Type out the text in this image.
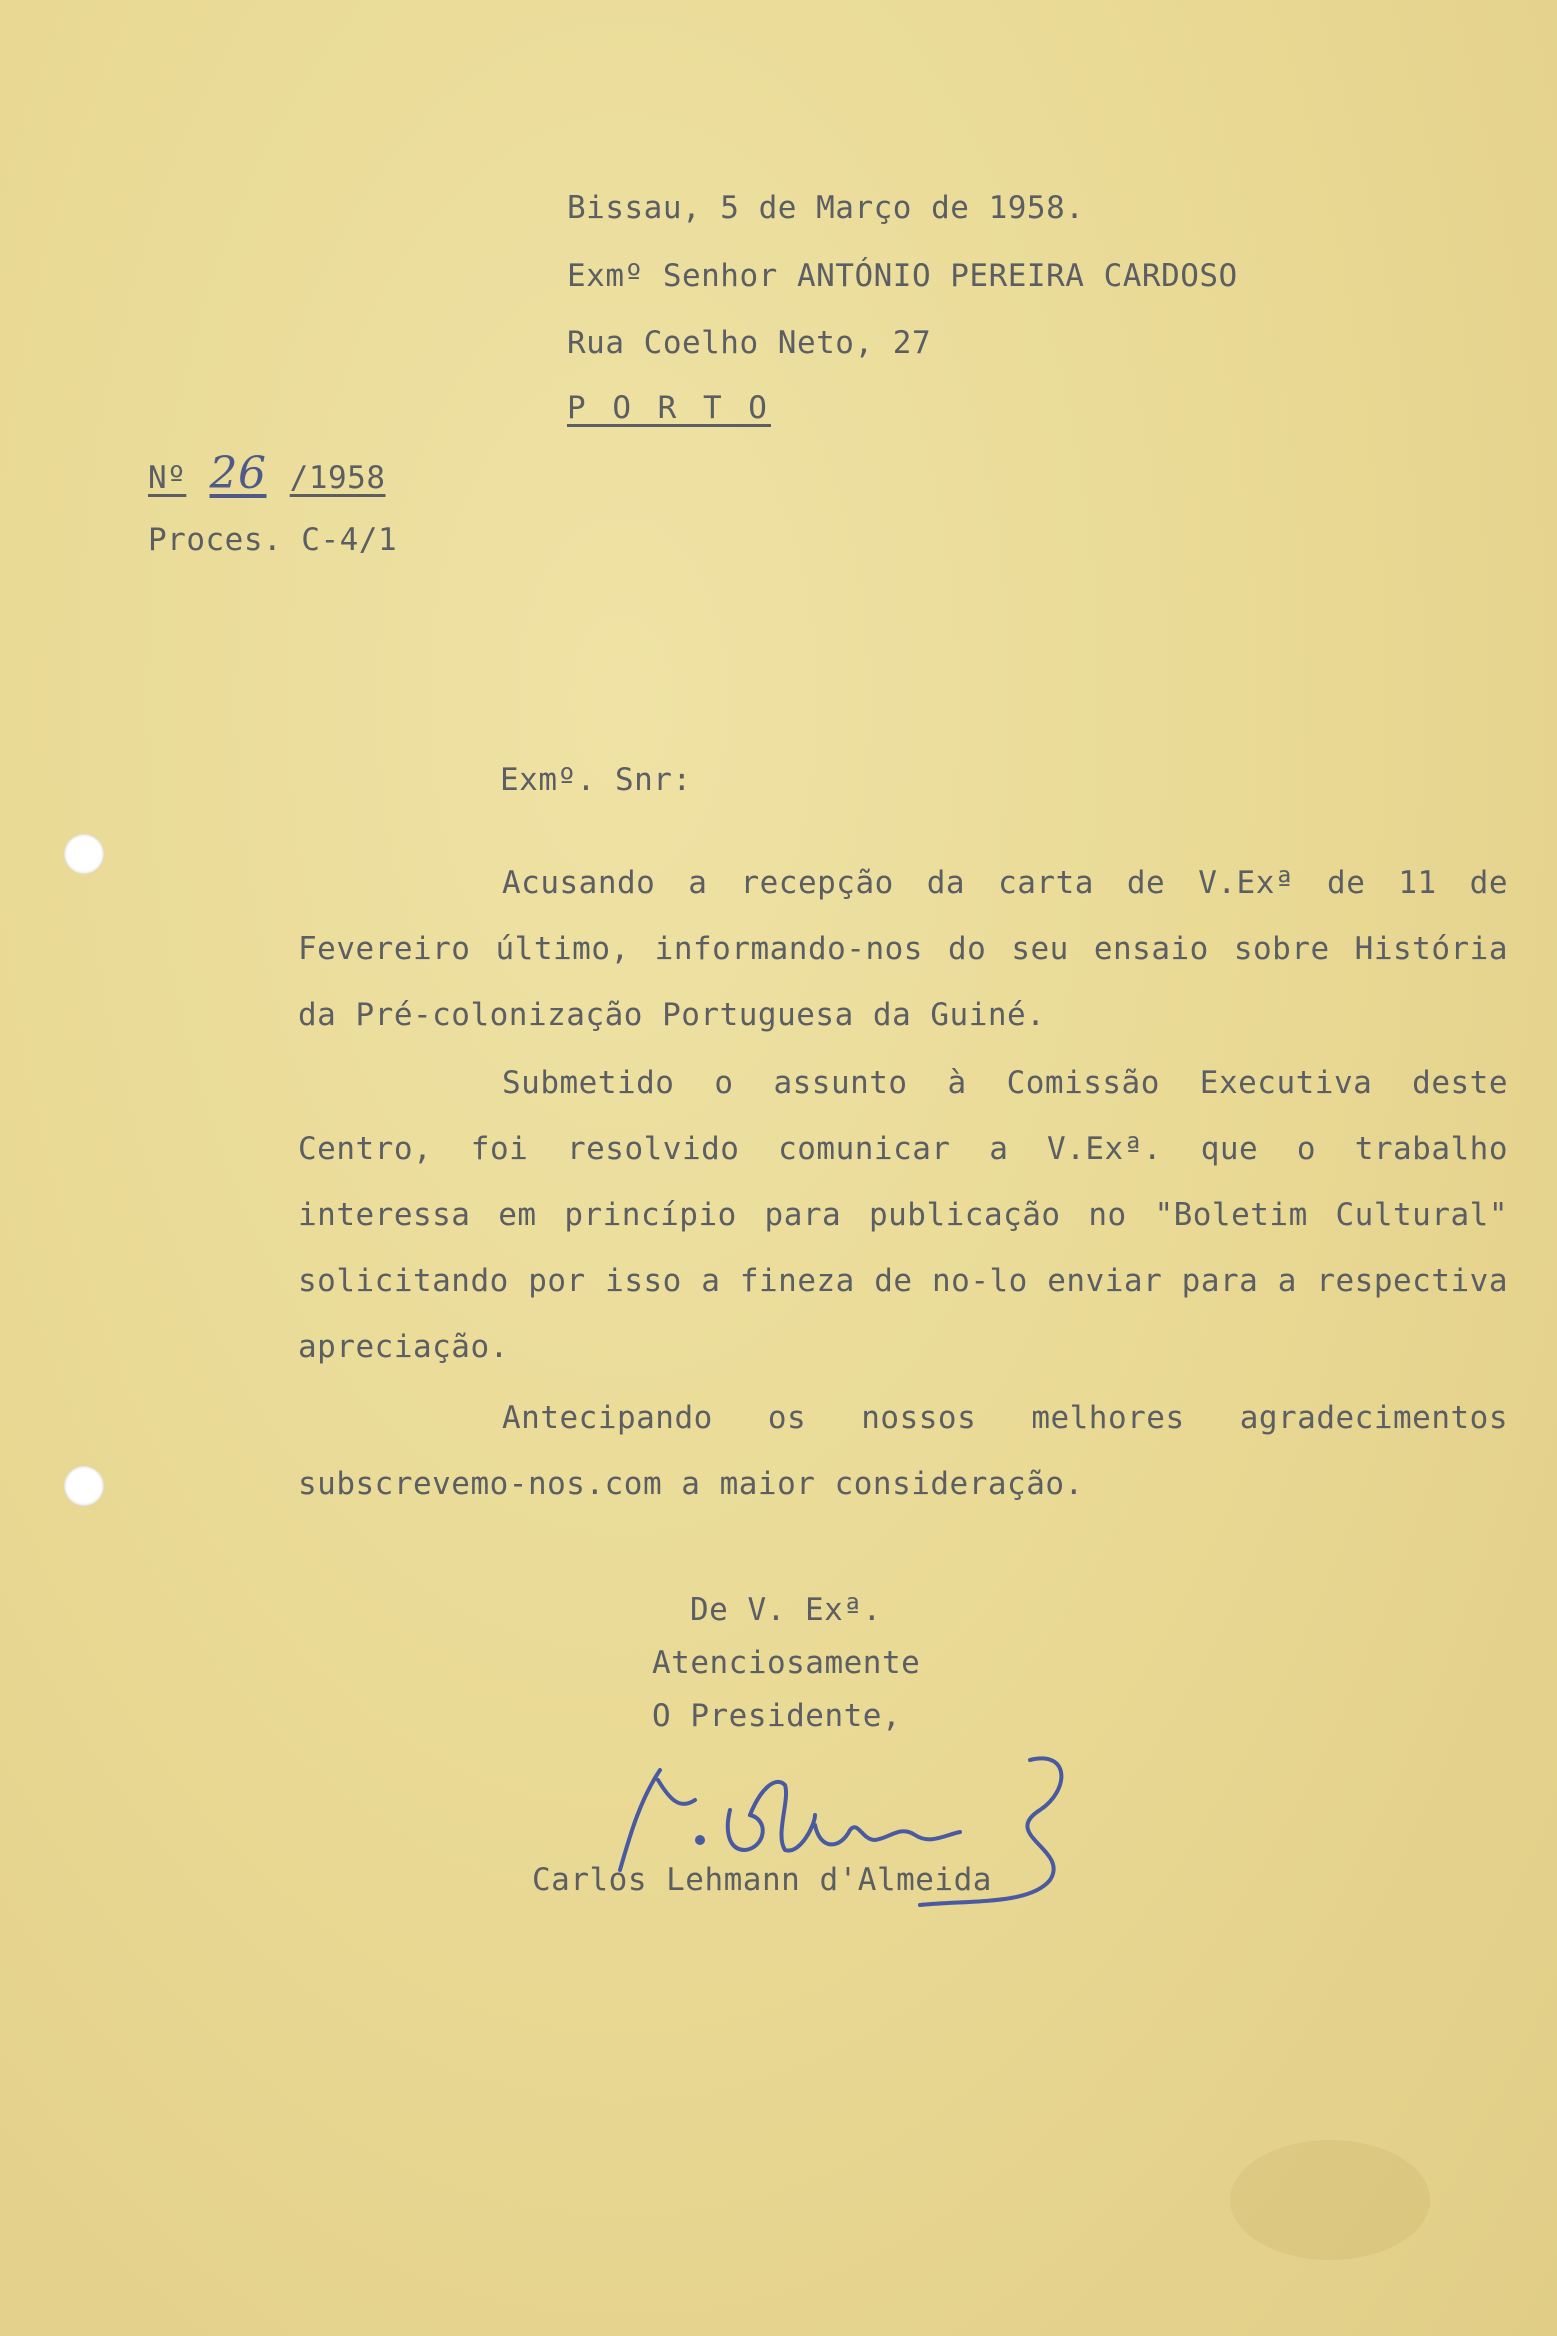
Bissau, 5 de Março de 1958.
Exmº Senhor ANTÓNIO PEREIRA CARDOSO
Rua Coelho Neto, 27
P O R T O
Nº 26 /1958
Proces. C-4/1
Exmº. Snr:
Acusando a recepção da carta de V.Exª de 11 de Fevereiro último, informando-nos do seu ensaio sobre História da Pré-colonização Portuguesa da Guiné.
Submetido o assunto à Comissão Executiva deste Centro, foi resolvido comunicar a V.Exª. que o trabalho interessa em princípio para publicação no "Boletim Cultural" solicitando por isso a fineza de no-lo enviar para a respectiva apreciação.
Antecipando os nossos melhores agradecimentos subscrevemo-nos.com a maior consideração.
De V. Exª.
Atenciosamente
O Presidente,
Carlos Lehmann d'Almeida
